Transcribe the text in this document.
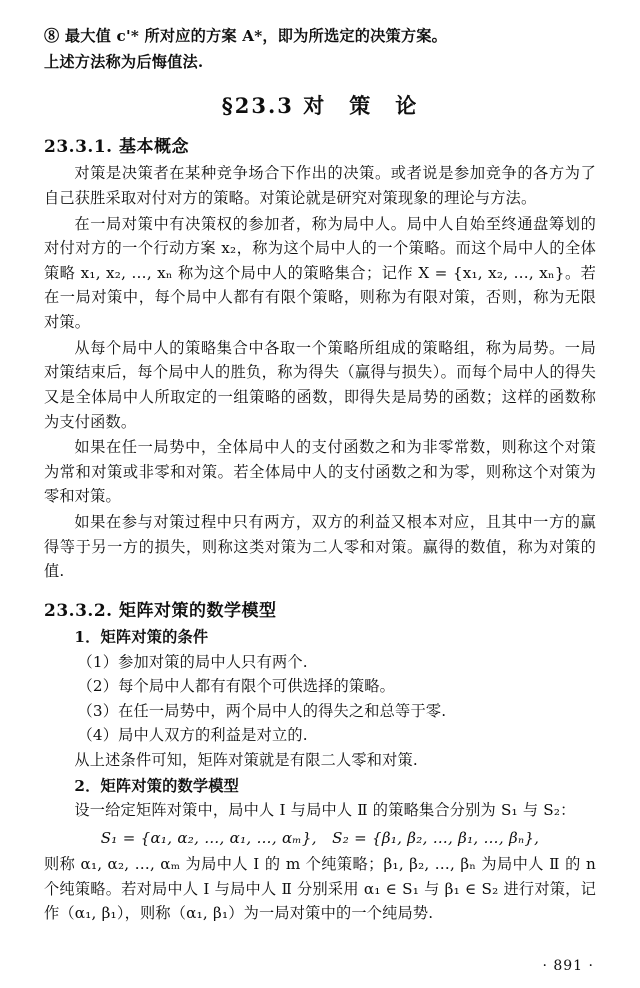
⑧ 最大值 c'* 所对应的方案 A*，即为所选定的决策方案。

上述方法称为后悔值法.

§23.3 对　策　论
23.3.1. 基本概念

对策是决策者在某种竞争场合下作出的决策。或者说是参加竞争的各方为了自己获胜采取对付对方的策略。对策论就是研究对策现象的理论与方法。

在一局对策中有决策权的参加者，称为局中人。局中人自始至终通盘筹划的对付对方的一个行动方案 x₂，称为这个局中人的一个策略。而这个局中人的全体策略 x₁, x₂, …, xₙ 称为这个局中人的策略集合；记作 X = {x₁, x₂, …, xₙ}。若在一局对策中，每个局中人都有有限个策略，则称为有限对策，否则，称为无限对策。

从每个局中人的策略集合中各取一个策略所组成的策略组，称为局势。一局对策结束后，每个局中人的胜负，称为得失（赢得与损失）。而每个局中人的得失又是全体局中人所取定的一组策略的函数，即得失是局势的函数；这样的函数称为支付函数。

如果在任一局势中，全体局中人的支付函数之和为非零常数，则称这个对策为常和对策或非零和对策。若全体局中人的支付函数之和为零，则称这个对策为零和对策。

如果在参与对策过程中只有两方，双方的利益又根本对应，且其中一方的赢得等于另一方的损失，则称这类对策为二人零和对策。赢得的数值，称为对策的值.

23.3.2. 矩阵对策的数学模型

1．矩阵对策的条件

（1）参加对策的局中人只有两个.

（2）每个局中人都有有限个可供选择的策略。

（3）在任一局势中，两个局中人的得失之和总等于零.

（4）局中人双方的利益是对立的.

从上述条件可知，矩阵对策就是有限二人零和对策.

2．矩阵对策的数学模型

设一给定矩阵对策中，局中人 Ⅰ 与局中人 Ⅱ 的策略集合分别为 S₁ 与 S₂：

S₁ = {α₁, α₂, …, α₁, …, αₘ},　S₂ = {β₁, β₂, …, β₁, …, βₙ},

则称 α₁, α₂, …, αₘ 为局中人 Ⅰ 的 m 个纯策略；β₁, β₂, …, βₙ 为局中人 Ⅱ 的 n 个纯策略。若对局中人 Ⅰ 与局中人 Ⅱ 分别采用 α₁ ∈ S₁ 与 β₁ ∈ S₂ 进行对策，记作（α₁, β₁），则称（α₁, β₁）为一局对策中的一个纯局势.

· 891 ·
